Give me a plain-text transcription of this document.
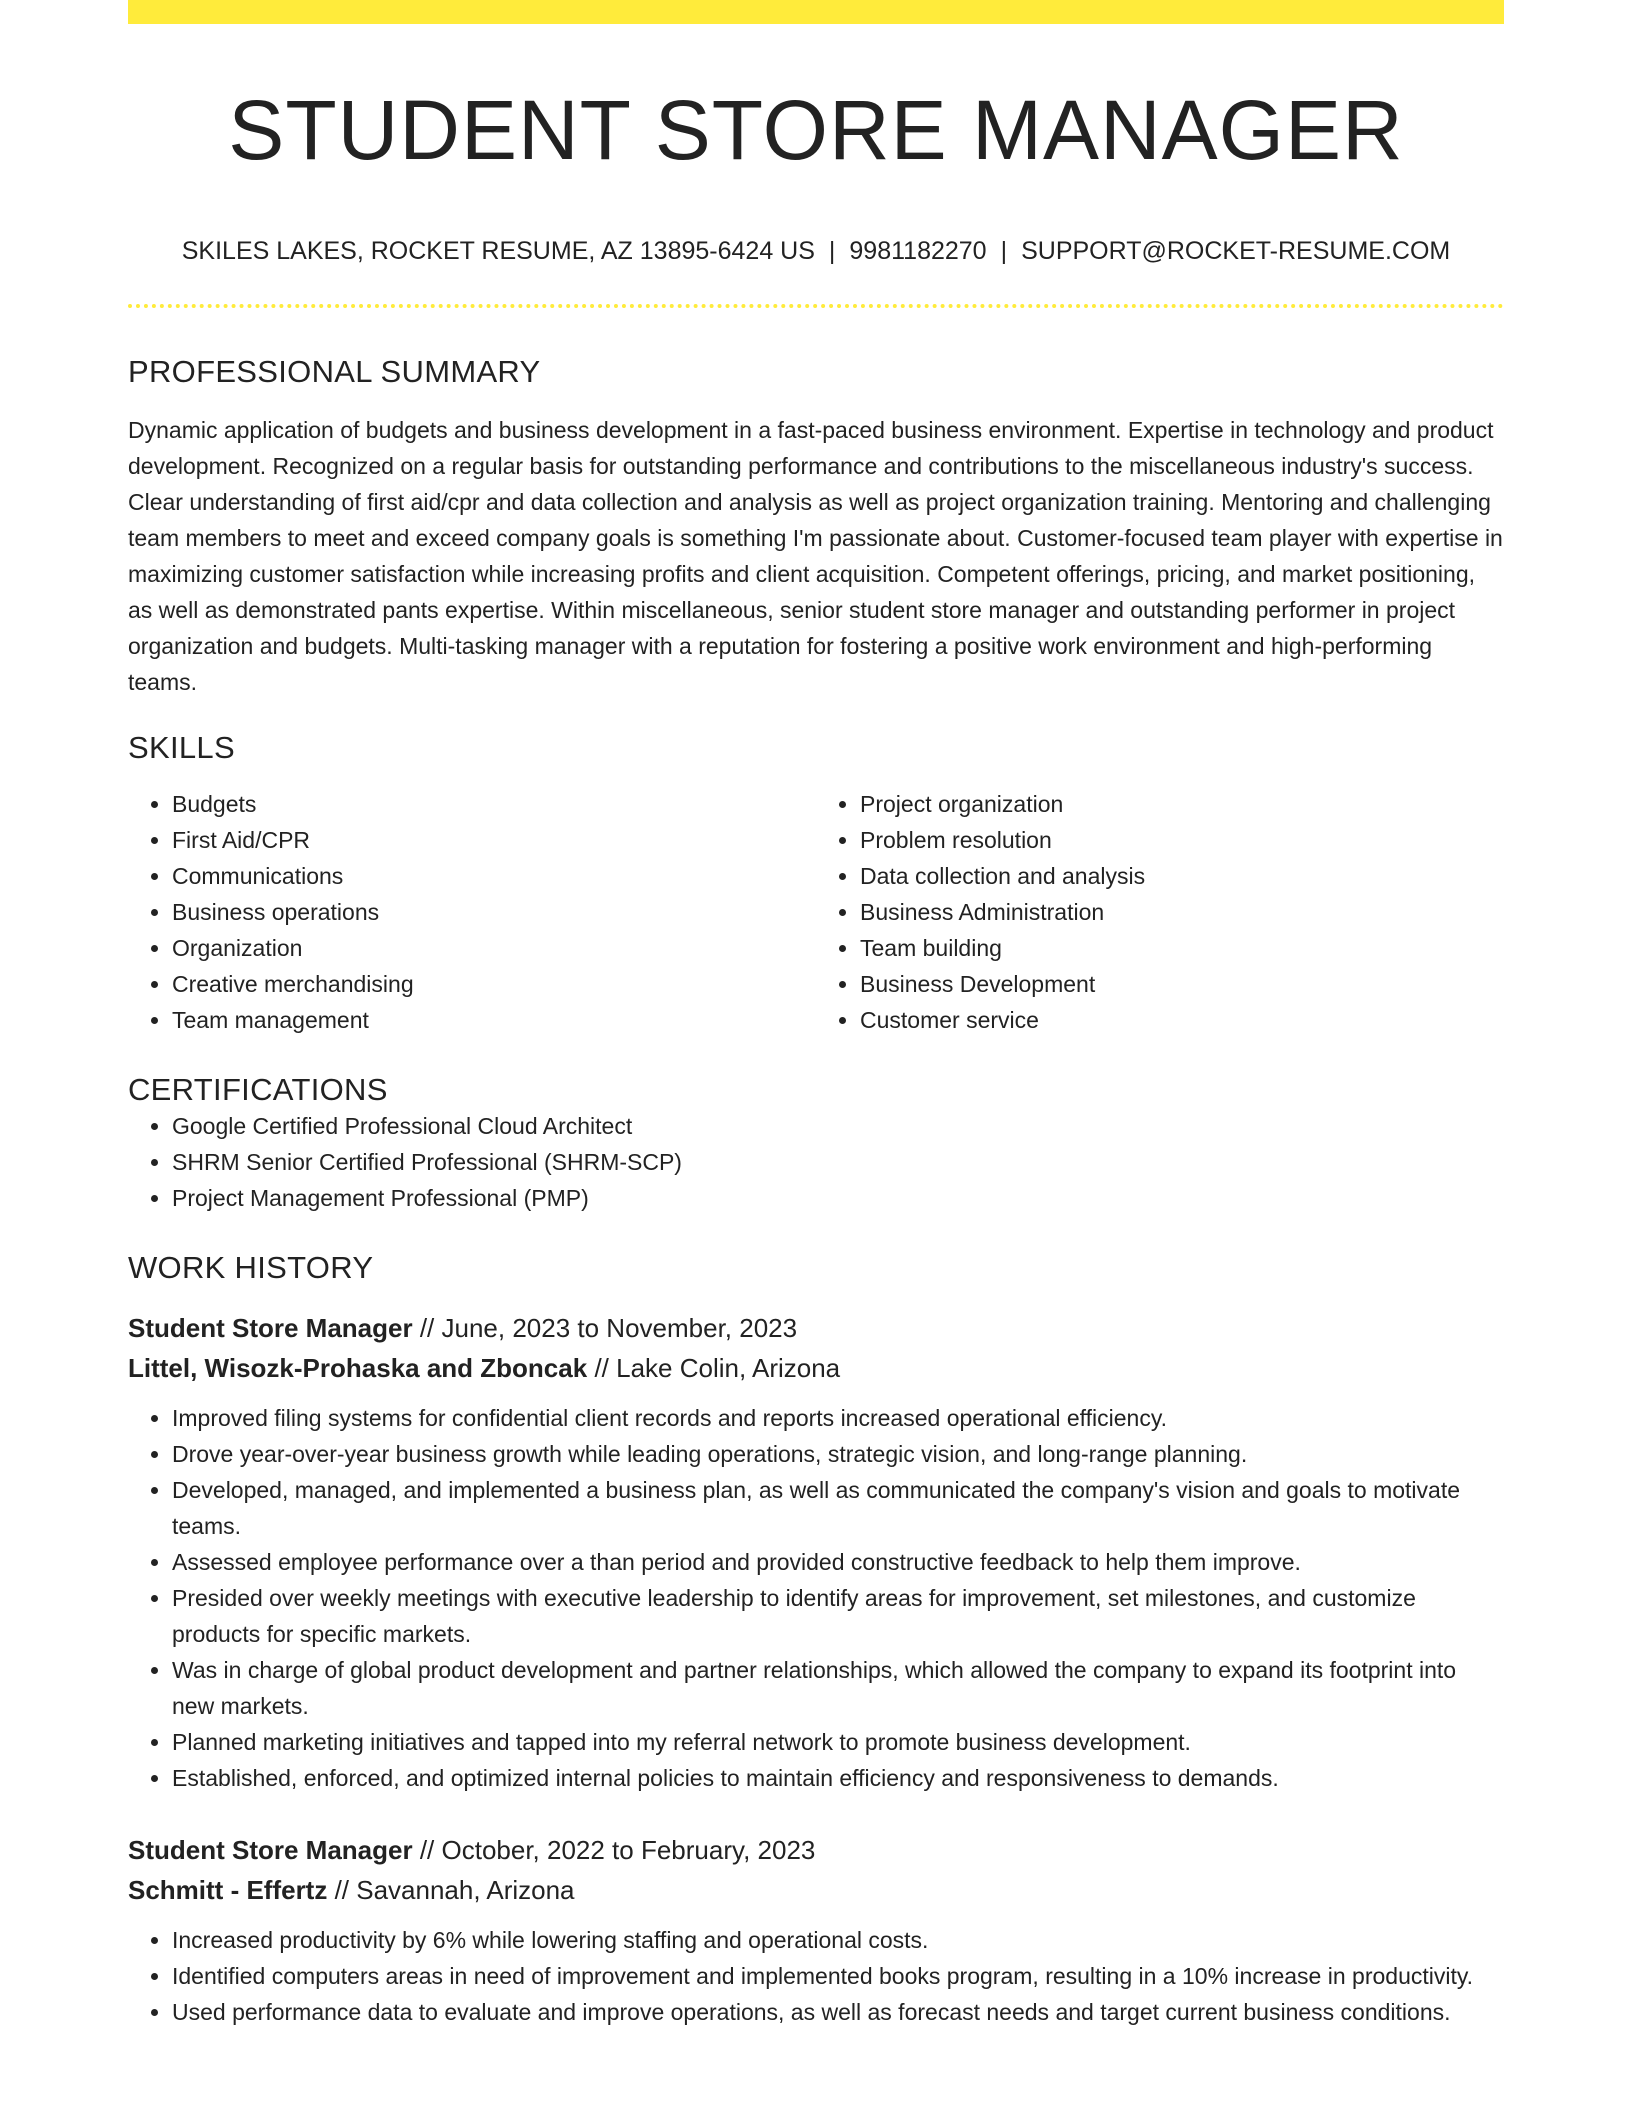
STUDENT STORE MANAGER
SKILES LAKES, ROCKET RESUME, AZ 13895-6424 US | 9981182270 | SUPPORT@ROCKET-RESUME.COM
PROFESSIONAL SUMMARY

Dynamic application of budgets and business development in a fast-paced business environment. Expertise in technology and product development. Recognized on a regular basis for outstanding performance and contributions to the miscellaneous industry's success. Clear understanding of first aid/cpr and data collection and analysis as well as project organization training. Mentoring and challenging team members to meet and exceed company goals is something I'm passionate about. Customer-focused team player with expertise in maximizing customer satisfaction while increasing profits and client acquisition. Competent offerings, pricing, and market positioning, as well as demonstrated pants expertise. Within miscellaneous, senior student store manager and outstanding performer in project organization and budgets. Multi-tasking manager with a reputation for fostering a positive work environment and high-performing teams.

SKILLS
• Budgets
• First Aid/CPR
• Communications
• Business operations
• Organization
• Creative merchandising
• Team management
• Project organization
• Problem resolution
• Data collection and analysis
• Business Administration
• Team building
• Business Development
• Customer service
CERTIFICATIONS
• Google Certified Professional Cloud Architect
• SHRM Senior Certified Professional (SHRM-SCP)
• Project Management Professional (PMP)
WORK HISTORY
Student Store Manager // June, 2023 to November, 2023
Littel, Wisozk-Prohaska and Zboncak // Lake Colin, Arizona
• Improved filing systems for confidential client records and reports increased operational efficiency.
• Drove year-over-year business growth while leading operations, strategic vision, and long-range planning.
• Developed, managed, and implemented a business plan, as well as communicated the company's vision and goals to motivate teams.
• Assessed employee performance over a than period and provided constructive feedback to help them improve.
• Presided over weekly meetings with executive leadership to identify areas for improvement, set milestones, and customize products for specific markets.
• Was in charge of global product development and partner relationships, which allowed the company to expand its footprint into new markets.
• Planned marketing initiatives and tapped into my referral network to promote business development.
• Established, enforced, and optimized internal policies to maintain efficiency and responsiveness to demands.
Student Store Manager // October, 2022 to February, 2023
Schmitt - Effertz // Savannah, Arizona
• Increased productivity by 6% while lowering staffing and operational costs.
• Identified computers areas in need of improvement and implemented books program, resulting in a 10% increase in productivity.
• Used performance data to evaluate and improve operations, as well as forecast needs and target current business conditions.
